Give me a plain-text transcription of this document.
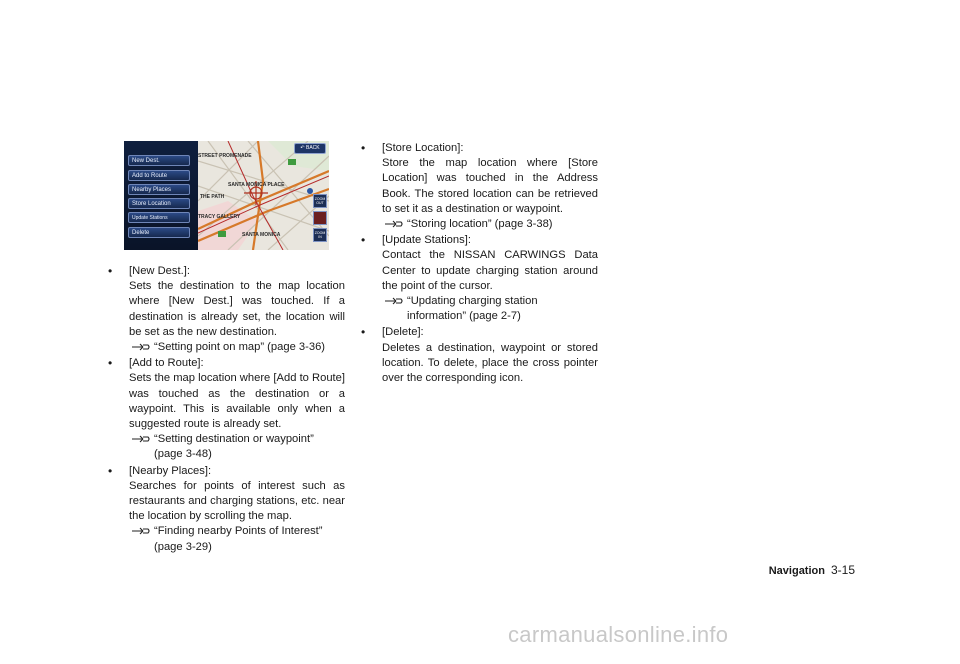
New Dest.
Add to Route
Nearby Places
Store Location
Update Stations
Delete
STREET PROMENADE
THE PATH
SANTA MONICA PLACE
TRACY GALLERY
SANTA MONICA
↶ BACK
ZOOM OUT
ZOOM IN
• [New Dest.]:
Sets the destination to the map location where [New Dest.] was touched. If a destination is already set, the location will be set as the new destination.
“Setting point on map” (page 3-36)
• [Add to Route]:
Sets the map location where [Add to Route] was touched as the destination or a waypoint. This is available only when a suggested route is already set.
“Setting destination or waypoint” (page 3-48)
• [Nearby Places]:
Searches for points of interest such as restaurants and charging stations, etc. near the location by scrolling the map.
“Finding nearby Points of Interest” (page 3-29)
• [Store Location]:
Store the map location where [Store Location] was touched in the Address Book. The stored location can be retrieved to set it as a destination or waypoint.
“Storing location” (page 3-38)
• [Update Stations]:
Contact the NISSAN CARWINGS Data Center to update charging station around the point of the cursor.
“Updating charging station information” (page 2-7)
• [Delete]:
Deletes a destination, waypoint or stored location. To delete, place the cross pointer over the corresponding icon.
Navigation 3-15
carmanualsonline.info
